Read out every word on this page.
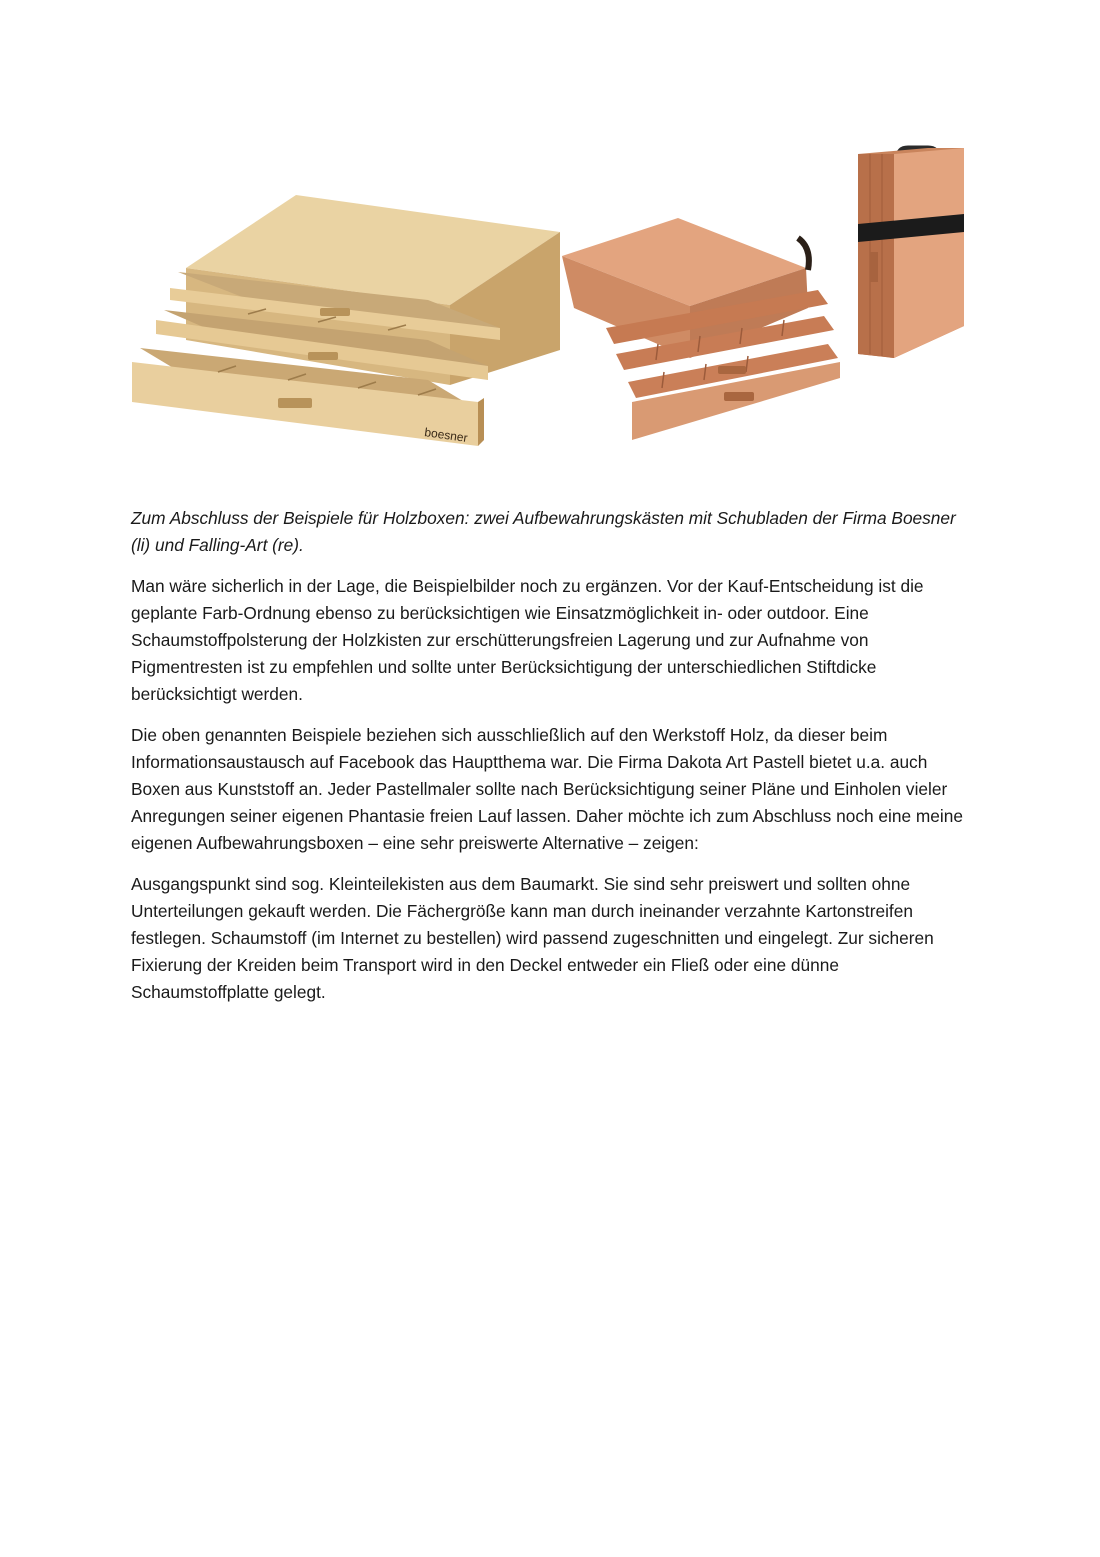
boesner

Zum Abschluss der Beispiele für Holzboxen: zwei Aufbewahrungskästen mit Schubladen der Firma Boesner (li) und Falling-Art (re).

Man wäre sicherlich in der Lage, die Beispielbilder noch zu ergänzen. Vor der Kauf-Entscheidung ist die geplante Farb-Ordnung ebenso zu berücksichtigen wie Einsatzmöglichkeit in- oder outdoor. Eine Schaumstoffpolsterung der Holzkisten zur erschütterungsfreien Lagerung und zur Aufnahme von Pigmentresten ist zu empfehlen und sollte unter Berücksichtigung der unterschiedlichen Stiftdicke berücksichtigt werden.

Die oben genannten Beispiele beziehen sich ausschließlich auf den Werkstoff Holz, da dieser beim Informationsaustausch auf Facebook das Hauptthema war. Die Firma Dakota Art Pastell bietet u.a. auch Boxen aus Kunststoff an. Jeder Pastellmaler sollte nach Berücksichtigung seiner Pläne und Einholen vieler Anregungen seiner eigenen Phantasie freien Lauf lassen. Daher möchte ich zum Abschluss noch eine meine eigenen Aufbewahrungsboxen – eine sehr preiswerte Alternative – zeigen:

Ausgangspunkt sind sog. Kleinteilekisten aus dem Baumarkt. Sie sind sehr preiswert und sollten ohne Unterteilungen gekauft werden. Die Fächergröße kann man durch ineinander verzahnte Kartonstreifen festlegen. Schaumstoff (im Internet zu bestellen) wird passend zugeschnitten und eingelegt. Zur sicheren Fixierung der Kreiden beim Transport wird in den Deckel entweder ein Fließ oder eine dünne Schaumstoffplatte gelegt.
